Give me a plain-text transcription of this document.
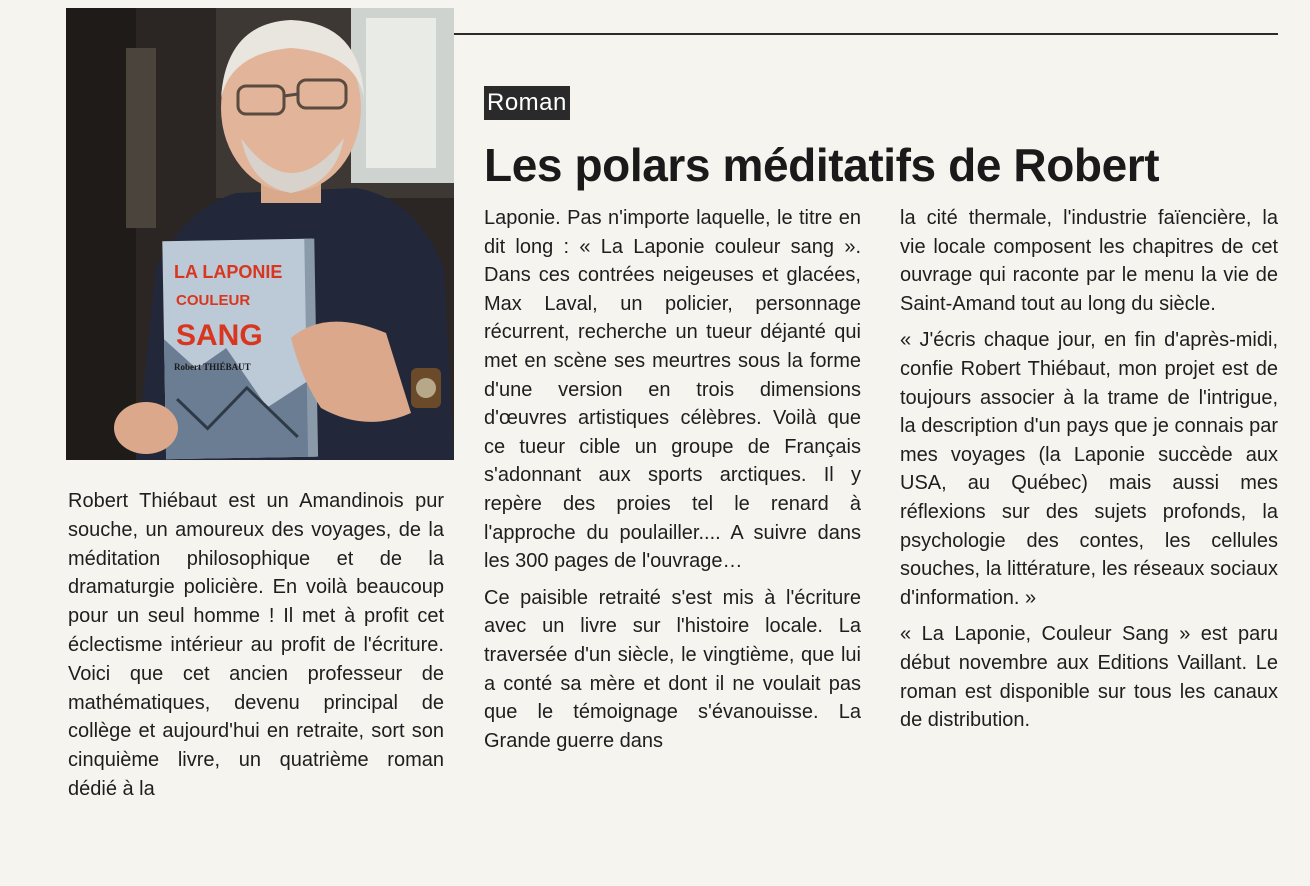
LA LAPONIE
COULEUR
SANG
Robert THIÉBAUT
Roman
Les polars méditatifs de Robert

Robert Thiébaut est un Amandinois pur souche, un amoureux des voyages, de la méditation philosophique et de la dramaturgie policière. En voilà beaucoup pour un seul homme ! Il met à profit cet éclectisme intérieur au profit de l'écriture. Voici que cet ancien professeur de mathématiques, devenu principal de collège et aujourd'hui en retraite, sort son cinquième livre, un quatrième roman dédié à la

Laponie. Pas n'importe laquelle, le titre en dit long : « La Laponie couleur sang ». Dans ces contrées neigeuses et glacées, Max Laval, un policier, personnage récurrent, recherche un tueur déjanté qui met en scène ses meurtres sous la forme d'une version en trois dimensions d'œuvres artistiques célèbres. Voilà que ce tueur cible un groupe de Français s'adonnant aux sports arctiques. Il y repère des proies tel le renard à l'approche du poulailler.... A suivre dans les 300 pages de l'ouvrage…

Ce paisible retraité s'est mis à l'écriture avec un livre sur l'histoire locale. La traversée d'un siècle, le vingtième, que lui a conté sa mère et dont il ne voulait pas que le témoignage s'évanouisse. La Grande guerre dans

la cité thermale, l'industrie faïencière, la vie locale composent les chapitres de cet ouvrage qui raconte par le menu la vie de Saint-Amand tout au long du siècle.

« J'écris chaque jour, en fin d'après-midi, confie Robert Thiébaut, mon projet est de toujours associer à la trame de l'intrigue, la description d'un pays que je connais par mes voyages (la Laponie succède aux USA, au Québec) mais aussi mes réflexions sur des sujets profonds, la psychologie des contes, les cellules souches, la littérature, les réseaux sociaux d'information. »

« La Laponie, Couleur Sang » est paru début novembre aux Editions Vaillant. Le roman est disponible sur tous les canaux de distribution.
